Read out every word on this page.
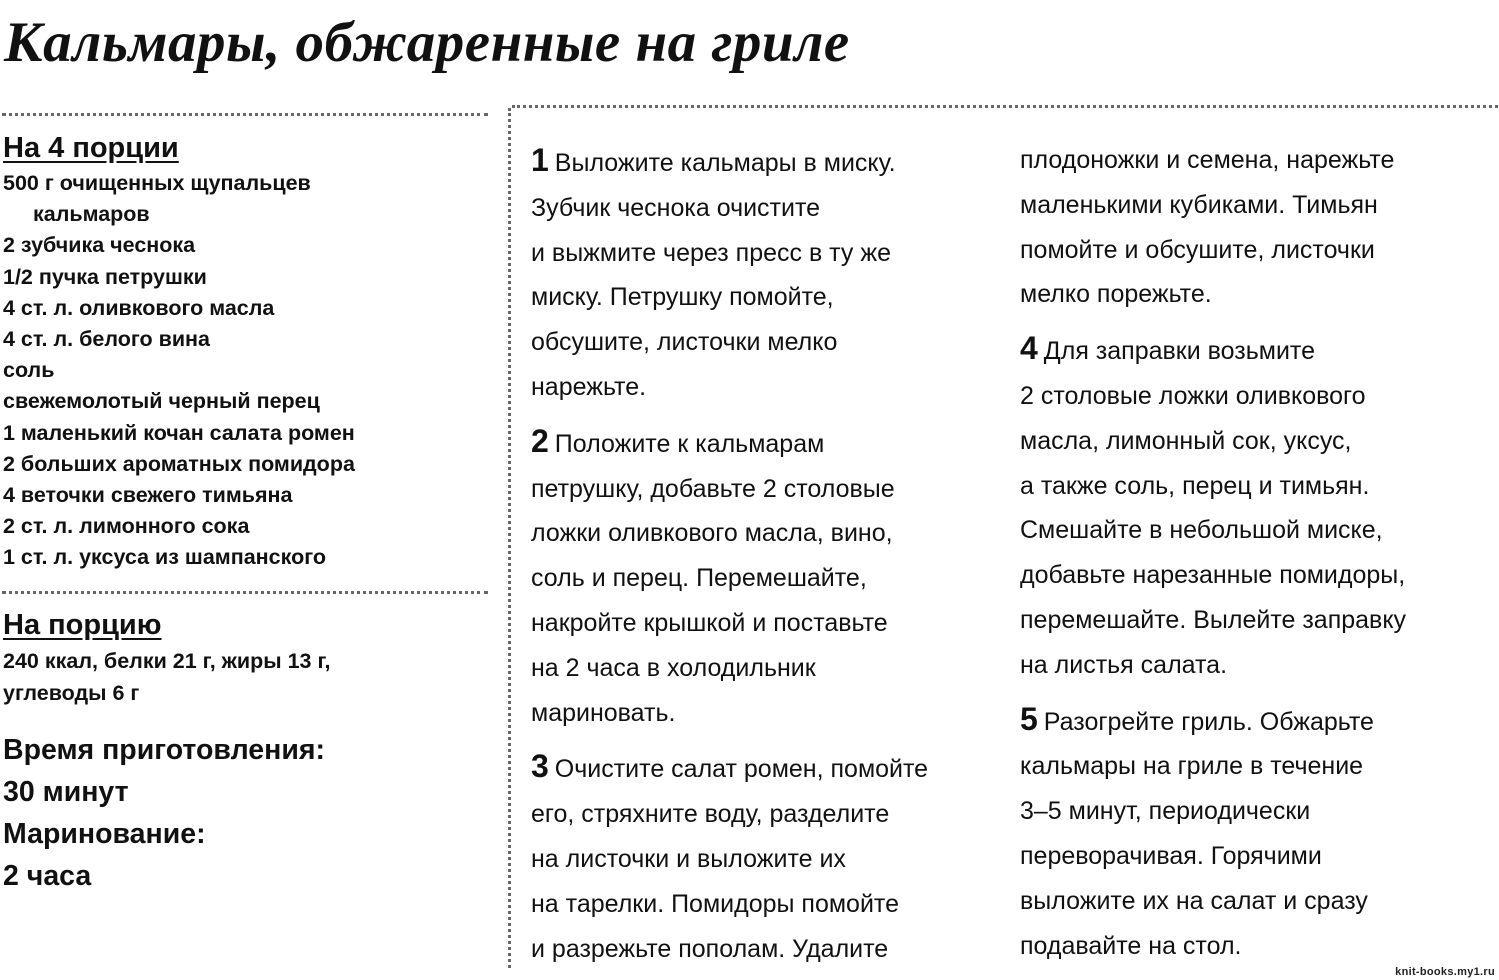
Кальмары, обжаренные на гриле
На 4 порции
500 г очищенных щупальцев кальмаров
2 зубчика чеснока
1/2 пучка петрушки
4 ст. л. оливкового масла
4 ст. л. белого вина
соль
свежемолотый черный перец
1 маленький кочан салата ромен
2 больших ароматных помидора
4 веточки свежего тимьяна
2 ст. л. лимонного сока
1 ст. л. уксуса из шампанского
На порцию

240 ккал, белки 21 г, жиры 13 г, углеводы 6 г

Время приготовления:

30 минут

Маринование:

2 часа

1 Выложите кальмары в миску.
Зубчик чеснока очистите
и выжмите через пресс в ту же
миску. Петрушку помойте,
обсушите, листочки мелко
нарежьте.

2 Положите к кальмарам
петрушку, добавьте 2 столовые
ложки оливкового масла, вино,
соль и перец. Перемешайте,
накройте крышкой и поставьте
на 2 часа в холодильник
мариновать.

3 Очистите салат ромен, помойте
его, стряхните воду, разделите
на листочки и выложите их
на тарелки. Помидоры помойте
и разрежьте пополам. Удалите

плодоножки и семена, нарежьте
маленькими кубиками. Тимьян
помойте и обсушите, листочки
мелко порежьте.

4 Для заправки возьмите
2 столовые ложки оливкового
масла, лимонный сок, уксус,
а также соль, перец и тимьян.
Смешайте в небольшой миске,
добавьте нарезанные помидоры,
перемешайте. Вылейте заправку
на листья салата.

5 Разогрейте гриль. Обжарьте
кальмары на гриле в течение
3–5 минут, периодически
переворачивая. Горячими
выложите их на салат и сразу
подавайте на стол.

knit-books.my1.ru
